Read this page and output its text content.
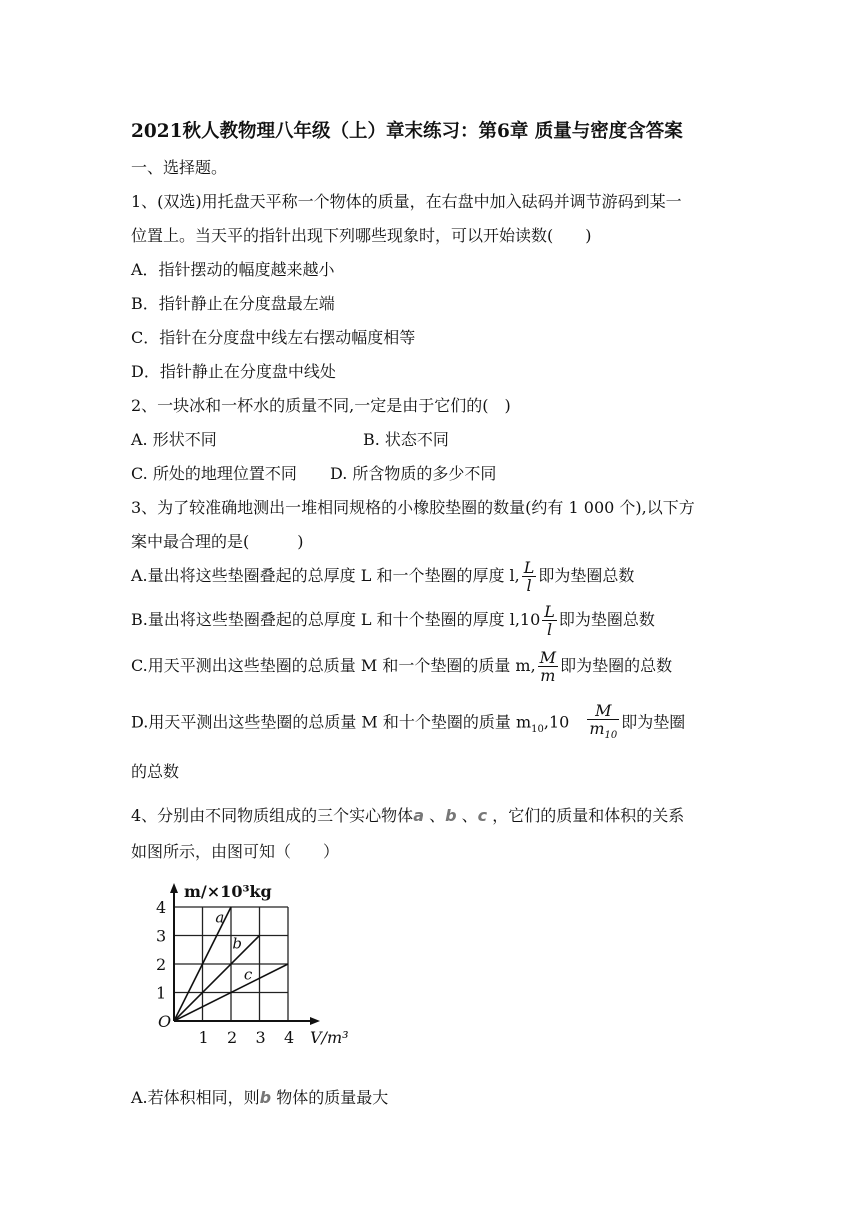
2021秋人教物理八年级（上）章末练习：第6章 质量与密度含答案
一、选择题。
1、(双选)用托盘天平称一个物体的质量，在右盘中加入砝码并调节游码到某一
位置上。当天平的指针出现下列哪些现象时，可以开始读数(　　)
A．指针摆动的幅度越来越小
B．指针静止在分度盘最左端
C．指针在分度盘中线左右摆动幅度相等
D．指针静止在分度盘中线处
2、一块冰和一杯水的质量不同,一定是由于它们的(　)
A. 形状不同	B. 状态不同
C. 所处的地理位置不同 D. 所含物质的多少不同
3、为了较准确地测出一堆相同规格的小橡胶垫圈的数量(约有 1 000 个),以下方
案中最合理的是(　　　)
A.量出将这些垫圈叠起的总厚度 L 和一个垫圈的厚度 l, $\frac{L}{l}$ 即为垫圈总数
B.量出将这些垫圈叠起的总厚度 L 和十个垫圈的厚度 $l,10 \frac{L}{l}$ 即为垫圈总数
C.用天平测出这些垫圈的总质量 M 和一个垫圈的质量 m, $\frac{M}{m}$ 即为垫圈的总数
D.用天平测出这些垫圈的总质量 M 和十个垫圈的质量 $m_{10},10 \frac{M}{m_{10}}$ 即为垫圈
的总数
4、分别由不同物质组成的三个实心物体a 、b 、c ，它们的质量和体积的关系
如图所示，由图可知（　　）
a
b
c
1 2 3 4
1
2
3
4
O
m/×10³kg
V/m³
A.若体积相同，则b 物体的质量最大
